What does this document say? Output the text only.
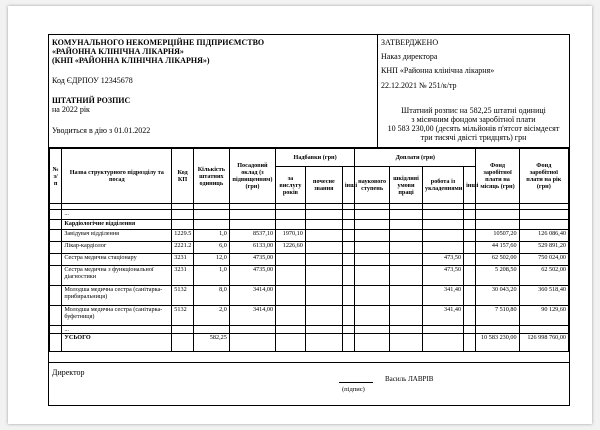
КОМУНАЛЬНОГО НЕКОМЕРЦІЙНЕ ПІДПРИЄМСТВО
«РАЙОННА КЛІНІЧНА ЛІКАРНЯ»
(КНП «РАЙОННА КЛІНІЧНА ЛІКАРНЯ»)
Код ЄДРПОУ 12345678
ШТАТНИЙ РОЗПИС
на 2022 рік
Уводиться в дію з 01.01.2022
ЗАТВЕРДЖЕНО
Наказ директора
КНП «Районна клінічна лікарня»
22.12.2021 № 251/к/тр
Штатний розпис на 582,25 штатні одиниці
з місячним фондом заробітної плати
10 583 230,00 (десять мільйонів п'ятсот вісімдесят
три тисячі двісті тридцять) грн
№ з/п	Назва структурного підрозділу та посад	Код КП	Кількість штатних одиниць	Посадовий оклад (з підвищенням) (грн)	Надбавки (грн)			Доплати (грн)				Фонд заробітної плати на місяць (грн)	Фонд заробітної плати на рік (грн)
					за вислугу років	почесне звання	інші	наукового ступень	шкідливі умови праці	робота із укладеннями	інші		

	...												
	Кардіологічне відділення												
	Завідувач відділення	1229.5	1,0	8537,10	1970,10							10507,20	126 086,40
	Лікар-кардіолог	2221.2	6,0	6133,00	1226,60							44 157,60	529 891,20
	Сестра медична стаціонару	3231	12,0	4735,00						473,50		62 502,00	750 024,00
	Сестра медична з функціональної діагностики	3231	1,0	4735,00						473,50		5 208,50	62 502,00
	Молодша медична сестра (санітарка-прибиральниця)	5132	8,0	3414,00						341,40		30 043,20	360 518,40
	Молодша медична сестра (санітарка-буфетниця)	5132	2,0	3414,00						341,40		7 510,80	90 129,60
	...												
	УСЬОГО		582,25									10 583 230,00	126 998 760,00
Директор
(підпис)
Василь ЛАВРІВ
